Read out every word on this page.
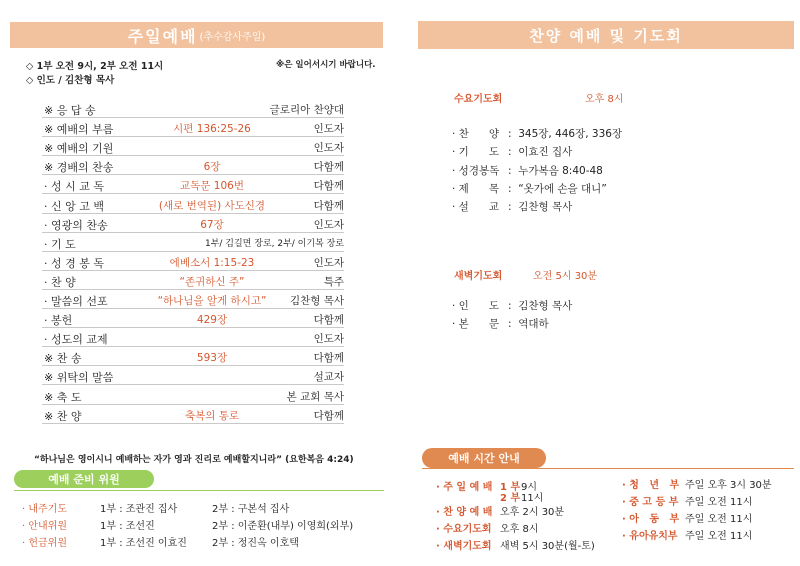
주일예배 (추수감사주일)
◇ 1부 오전 9시, 2부 오전 11시
◇ 인도 / 김찬형 목사
※은 일어서시기 바랍니다.
※ 응 답 송	글로리아 찬양대
※ 예배의 부름	시편 136:25-26	인도자
※ 예배의 기원	인도자
※ 경배의 찬송	6장	다함께
· 성 시 교 독	교독문 106번	다함께
· 신 앙 고 백	(새로 번역된) 사도신경	다함께
· 영광의 찬송	67장	인도자
· 기 도	1부/ 김길면 장로, 2부/ 이기복 장로
· 성 경 봉 독	에베소서 1:15-23	인도자
· 찬 양	“존귀하신 주”	특주
· 말씀의 선포	“하나님을 알게 하시고”	김찬형 목사
· 봉헌	429장	다함께
· 성도의 교제	인도자
※ 찬 송	593장	다함께
※ 위탁의 말씀	설교자
※ 축 도	본 교회 목사
※ 찬 양	축복의 통로	다함께
“하나님은 영이시니 예배하는 자가 영과 진리로 예배할지니라” (요한복음 4:24)
예배 준비 위원
· 내주기도	1부 : 조관진 집사	2부 : 구본석 집사
· 안내위원	1부 : 조선진	2부 : 이준환(내부) 이영희(외부)
· 헌금위원	1부 : 조선진 이효진	2부 : 정진옥 이호택
찬양 예배 및 기도회
수요기도회	오후 8시
· 찬      양 :  345장, 446장, 336장
· 기      도 :  이효진 집사
· 성경봉독 :  누가복음 8:40-48
· 제      목 :  “옷가에 손을 대니”
· 설      교 :  김찬형 목사
새벽기도회	오전 5시 30분
· 인      도 :  김찬형 목사
· 본      문 :  역대하
예배 시간 안내
· 주 일 예 배 1 부 9시
2 부 11시
· 찬 양 예 배 오후 2시 30분
· 수요기도회 오후 8시
· 새벽기도회 새벽 5시 30분(월-토)
· 청   년   부 주일 오후 3시 30분
· 중 고 등 부 주일 오전 11시
· 아   동   부 주일 오전 11시
· 유아유치부 주일 오전 11시
